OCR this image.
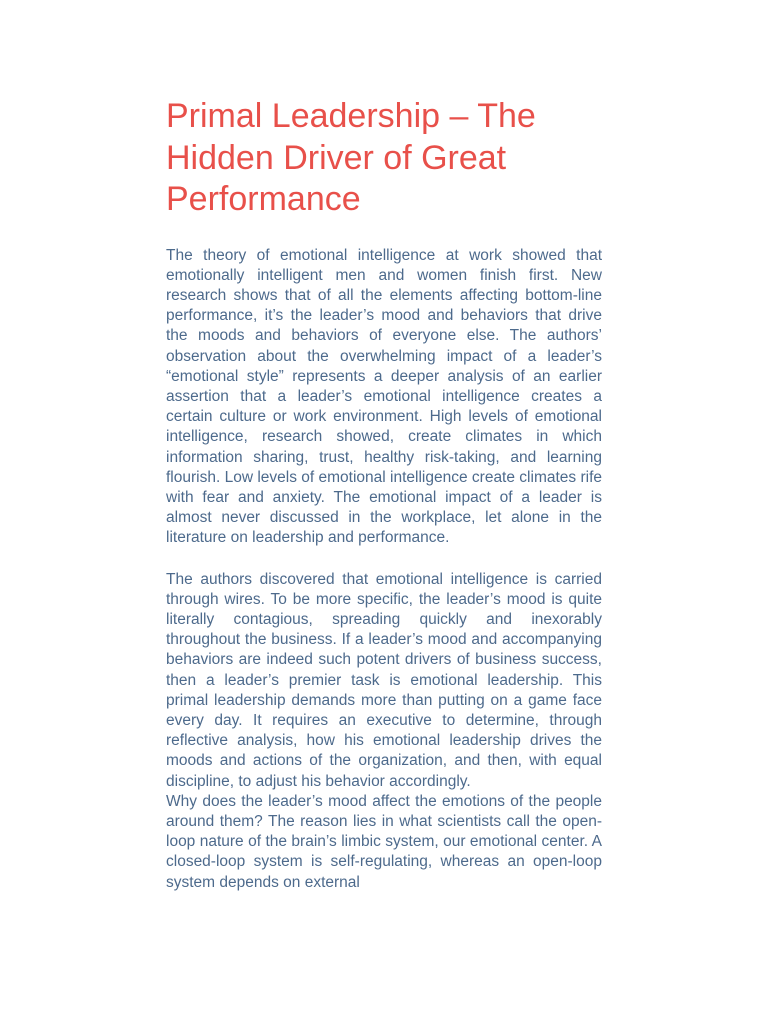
Primal Leadership – The Hidden Driver of Great Performance

The theory of emotional intelligence at work showed that emotionally intelligent men and women finish first. New research shows that of all the elements affecting bottom-line performance, it’s the leader’s mood and behaviors that drive the moods and behaviors of everyone else. The authors’ observation about the overwhelming impact of a leader’s “emotional style” represents a deeper analysis of an earlier assertion that a leader’s emotional intelligence creates a certain culture or work environment. High levels of emotional intelligence, research showed, create climates in which information sharing, trust, healthy risk-taking, and learning flourish. Low levels of emotional intelligence create climates rife with fear and anxiety. The emotional impact of a leader is almost never discussed in the workplace, let alone in the literature on leadership and performance.

The authors discovered that emotional intelligence is carried through wires. To be more specific, the leader’s mood is quite literally contagious, spreading quickly and inexorably throughout the business. If a leader’s mood and accompanying behaviors are indeed such potent drivers of business success, then a leader’s premier task is emotional leadership. This primal leadership demands more than putting on a game face every day. It requires an executive to determine, through reflective analysis, how his emotional leadership drives the moods and actions of the organization, and then, with equal discipline, to adjust his behavior accordingly.

Why does the leader’s mood affect the emotions of the people around them? The reason lies in what scientists call the open-loop nature of the brain’s limbic system, our emotional center. A closed-loop system is self-regulating, whereas an open-loop system depends on external
